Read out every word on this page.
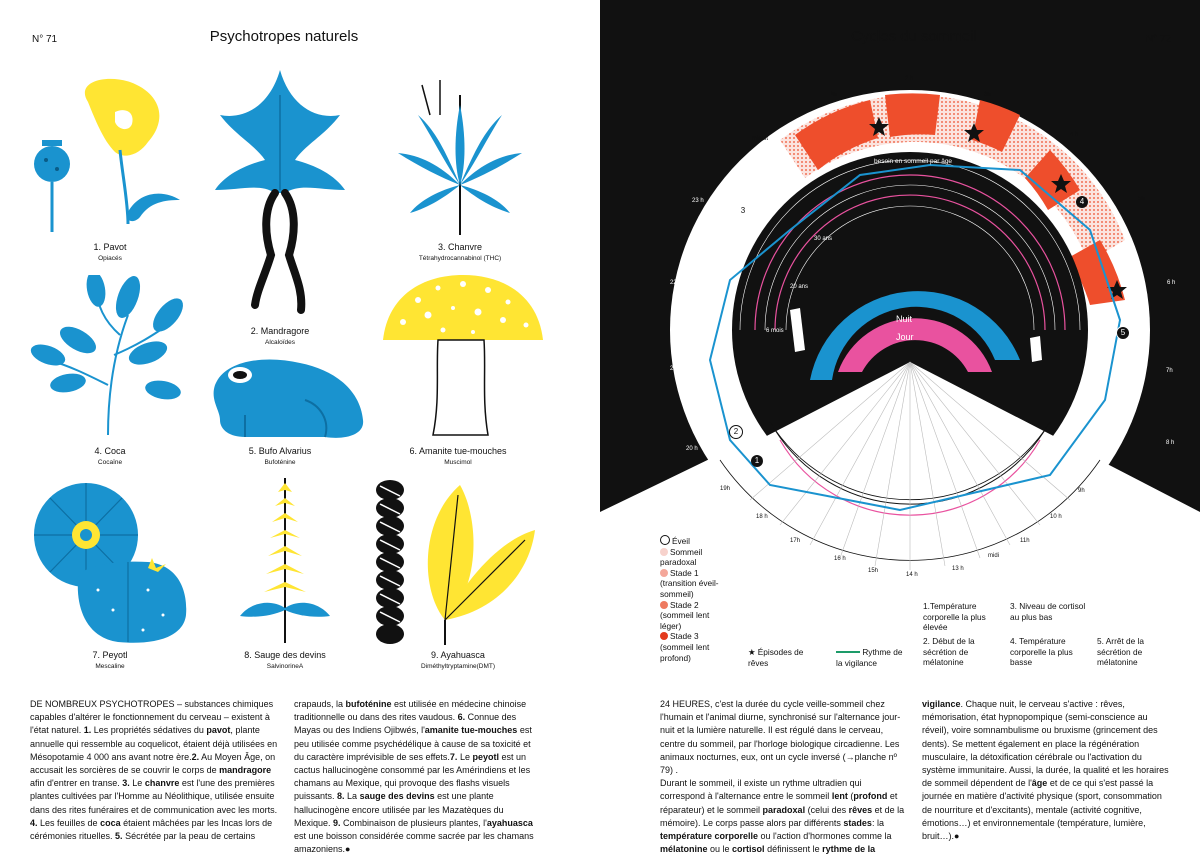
N° 71	Psychotropes naturels
1. Pavot
Opiacés
2. Mandragore
Alcaloïdes
3. Chanvre
Tétrahydrocannabinol (THC)
4. Coca
Cocaïne
5. Bufo Alvarius
Bufoténine
6. Amanite tue-mouches
Muscimol
7. Peyotl
Mescaline
8. Sauge des devins
SalvinorineA
9. Ayahuasca
Diméthyltryptamine(DMT)
DE NOMBREUX PSYCHOTROPES – substances chimiques capables d'altérer le fonctionnement du cerveau – existent à l'état naturel. 1. Les propriétés sédatives du pavot, plante annuelle qui ressemble au coquelicot, étaient déjà utilisées en Mésopotamie 4 000 ans avant notre ère.2. Au Moyen Âge, on accusait les sorcières de se couvrir le corps de mandragore afin d'entrer en transe. 3. Le chanvre est l'une des premières plantes cultivées par l'Homme au Néolithique, utilisée ensuite dans des rites funéraires et de communication avec les morts. 4. Les feuilles de coca étaient mâchées par les Incas lors de cérémonies rituelles. 5. Sécrétée par la peau de certains
crapauds, la bufoténine est utilisée en médecine chinoise traditionnelle ou dans des rites vaudous. 6. Connue des Mayas ou des Indiens Ojibwés, l'amanite tue-mouches est peu utilisée comme psychédélique à cause de sa toxicité et du caractère imprévisible de ses effets.7. Le peyotl est un cactus hallucinogène consommé par les Amérindiens et les chamans au Mexique, qui provoque des flashs visuels puissants. 8. La sauge des devins est une plante hallucinogène encore utilisée par les Mazatèques du Mexique. 9. Combinaison de plusieurs plantes, l'ayahuasca est une boisson considérée comme sacrée par les chamans amazoniens.●
Cycles du sommeil	N° 72
1h
2 h
3h
4 h
5h
6 h
7h
8 h
minuit
23 h
22 h
21h
20 h
9h
10 h
11h
midi
13 h
14 h
15h
16 h
17h
18 h
19h
besoin en sommeil par âge
30 ans
20 ans
6 mois
Nuit
Jour
1
2
3
4
5
Éveil
Sommeil paradoxal
Stade 1 (transition éveil-sommeil)
Stade 2 (sommeil lent léger)
Stade 3 (sommeil lent profond)
★ Épisodes de rêves
Rythme de la vigilance
1.Température corporelle la plus élevée
2. Début de la sécrétion de mélatonine
3. Niveau de cortisol au plus bas
4. Température corporelle la plus basse
5. Arrêt de la sécrétion de mélatonine
24 HEURES, c'est la durée du cycle veille-sommeil chez l'humain et l'animal diurne, synchronisé sur l'alternance jour-nuit et la lumière naturelle. Il est régulé dans le cerveau, centre du sommeil, par l'horloge biologique circadienne. Les animaux nocturnes, eux, ont un cycle inversé (→planche nº 79) .
Durant le sommeil, il existe un rythme ultradien qui correspond à l'alternance entre le sommeil lent (profond et réparateur) et le sommeil paradoxal (celui des rêves et de la mémoire). Le corps passe alors par différents stades: la température corporelle ou l'action d'hormones comme la mélatonine ou le cortisol définissent le rythme de la
vigilance. Chaque nuit, le cerveau s'active : rêves, mémorisation, état hypnopompique (semi-conscience au réveil), voire somnambulisme ou bruxisme (grincement des dents). Se mettent également en place la régénération musculaire, la détoxification cérébrale ou l'activation du système immunitaire. Aussi, la durée, la qualité et les horaires de sommeil dépendent de l'âge et de ce qui s'est passé la journée en matière d'activité physique (sport, consommation de nourriture et d'excitants), mentale (activité cognitive, émotions…) et environnementale (température, lumière, bruit…).●
